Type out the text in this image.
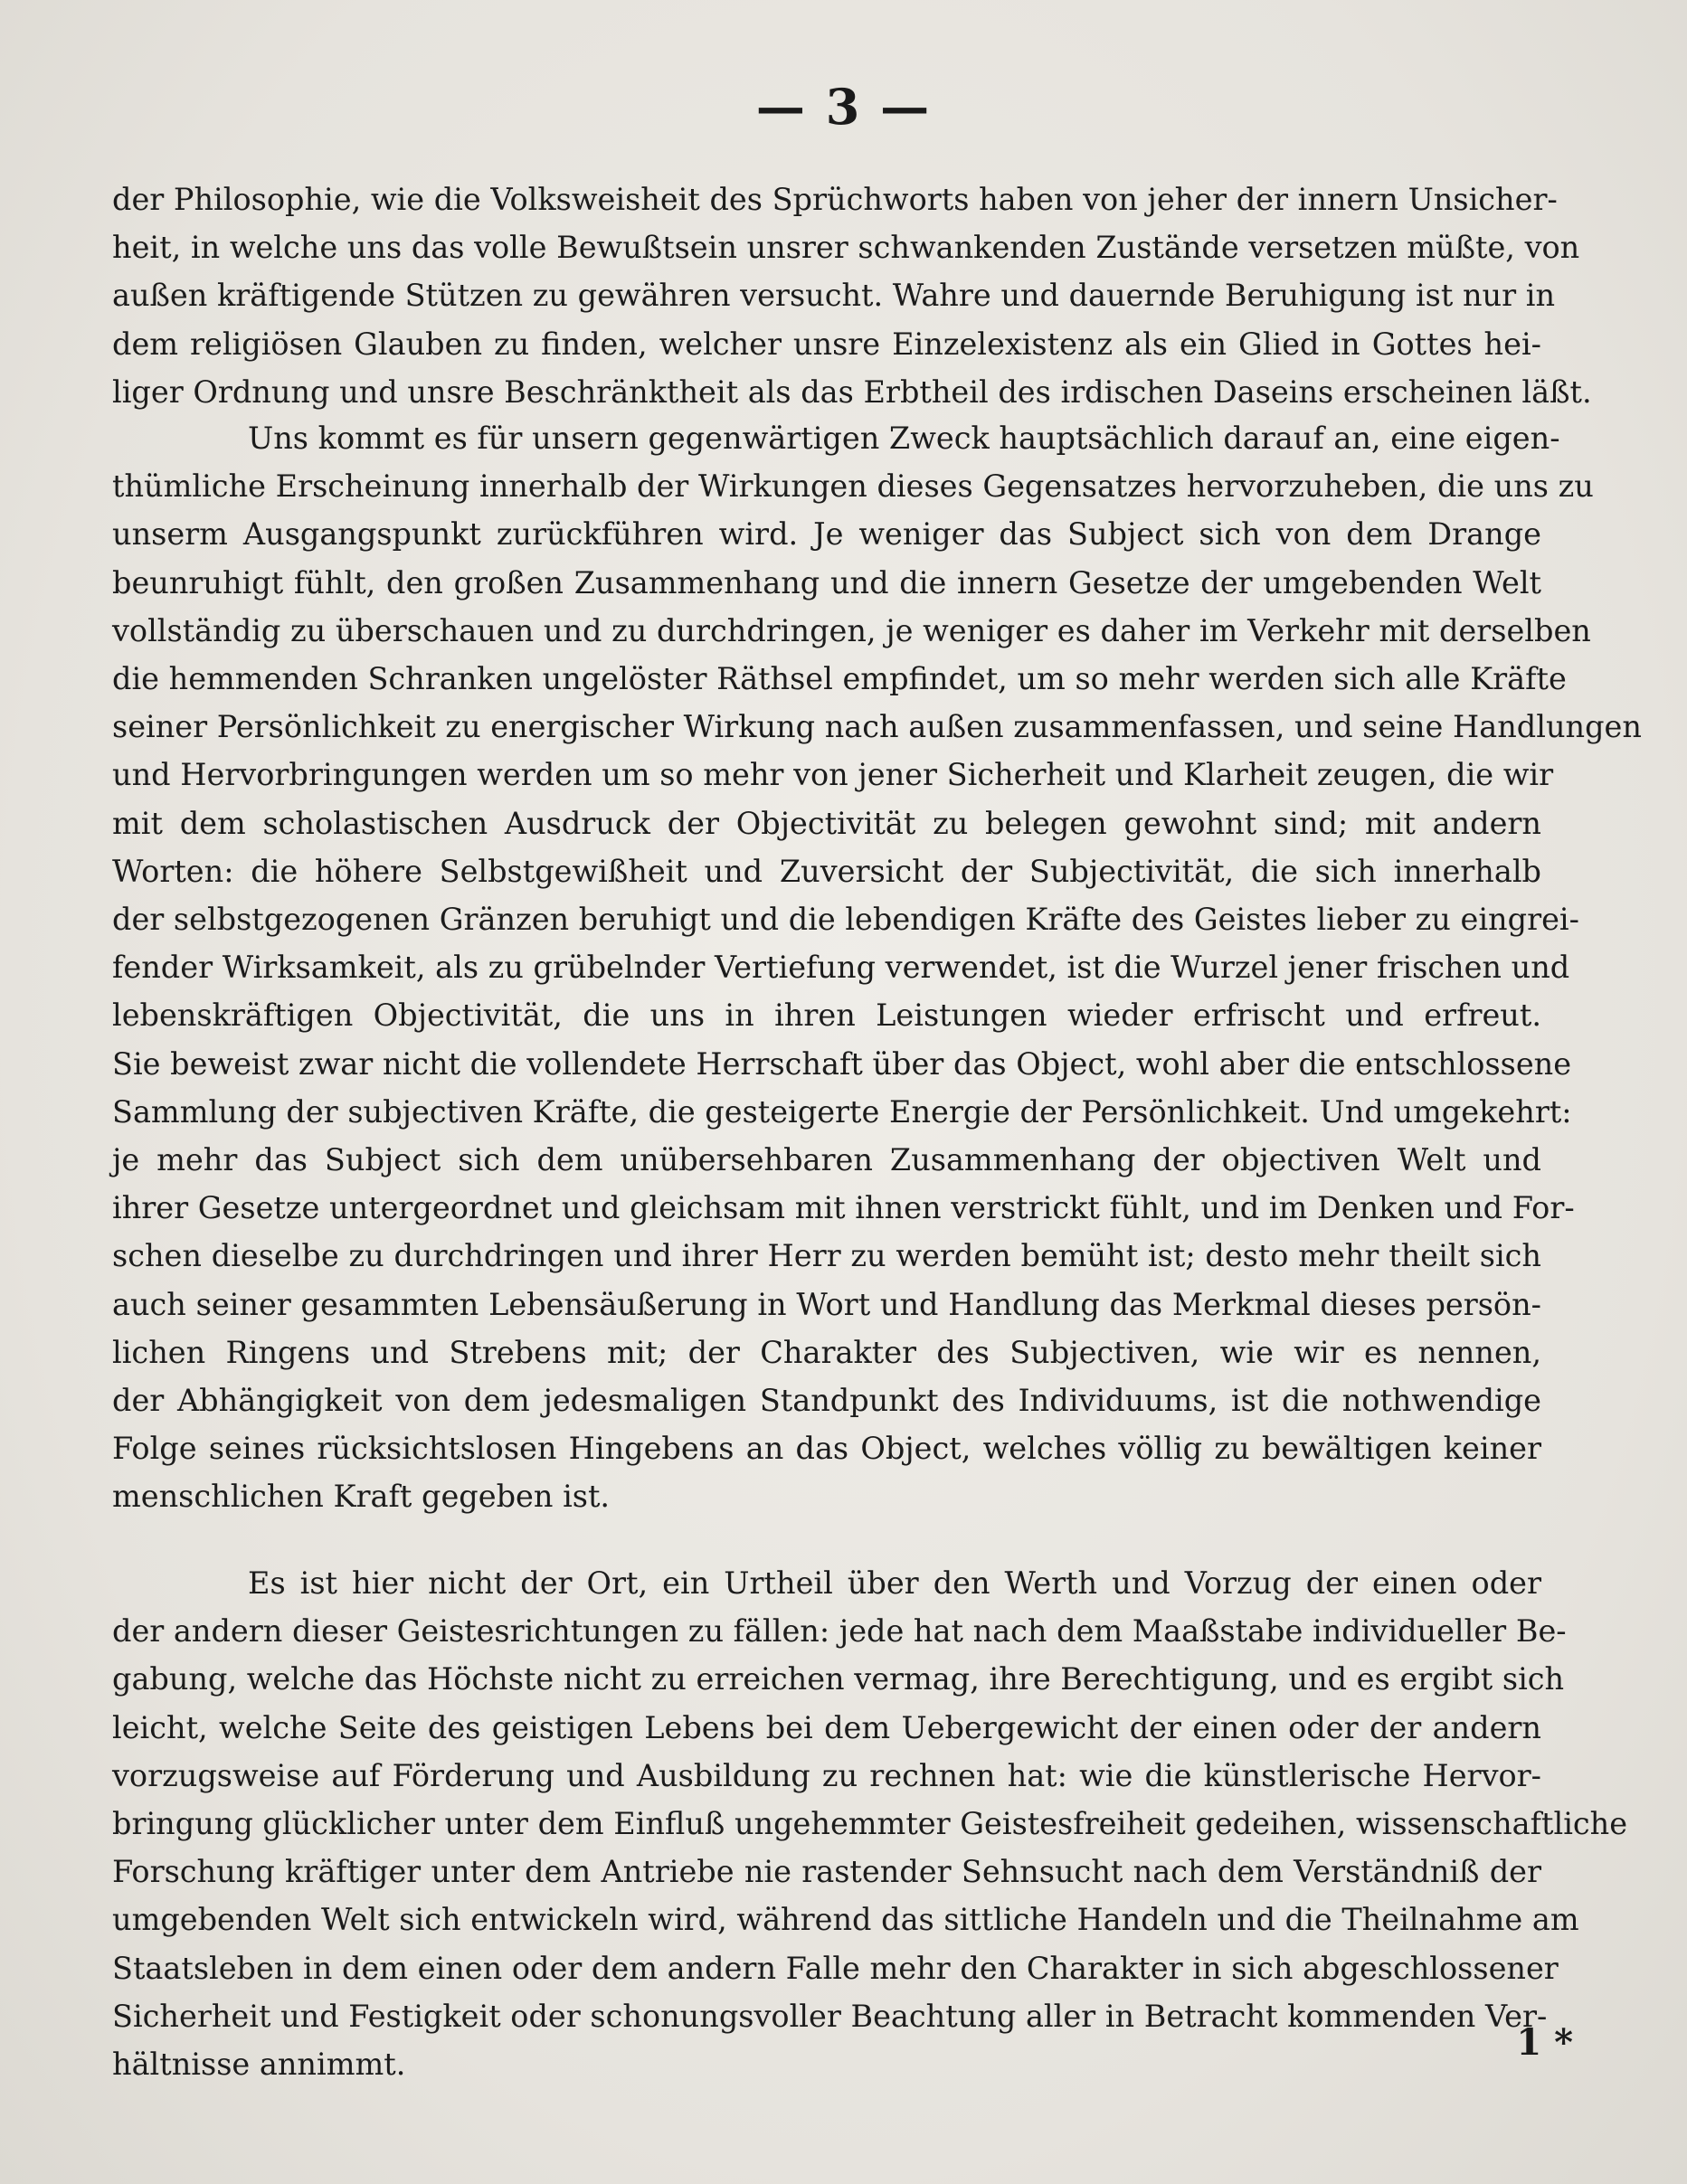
— 3 —
der Philosophie, wie die Volksweisheit des Sprüchworts haben von jeher der innern Unsicher-
heit, in welche uns das volle Bewußtsein unsrer schwankenden Zustände versetzen müßte, von
außen kräftigende Stützen zu gewähren versucht. Wahre und dauernde Beruhigung ist nur in
dem religiösen Glauben zu finden, welcher unsre Einzelexistenz als ein Glied in Gottes hei-
liger Ordnung und unsre Beschränktheit als das Erbtheil des irdischen Daseins erscheinen läßt.
Uns kommt es für unsern gegenwärtigen Zweck hauptsächlich darauf an, eine eigen-
thümliche Erscheinung innerhalb der Wirkungen dieses Gegensatzes hervorzuheben, die uns zu
unserm Ausgangspunkt zurückführen wird. Je weniger das Subject sich von dem Drange
beunruhigt fühlt, den großen Zusammenhang und die innern Gesetze der umgebenden Welt
vollständig zu überschauen und zu durchdringen, je weniger es daher im Verkehr mit derselben
die hemmenden Schranken ungelöster Räthsel empfindet, um so mehr werden sich alle Kräfte
seiner Persönlichkeit zu energischer Wirkung nach außen zusammenfassen, und seine Handlungen
und Hervorbringungen werden um so mehr von jener Sicherheit und Klarheit zeugen, die wir
mit dem scholastischen Ausdruck der Objectivität zu belegen gewohnt sind; mit andern
Worten: die höhere Selbstgewißheit und Zuversicht der Subjectivität, die sich innerhalb
der selbstgezogenen Gränzen beruhigt und die lebendigen Kräfte des Geistes lieber zu eingrei-
fender Wirksamkeit, als zu grübelnder Vertiefung verwendet, ist die Wurzel jener frischen und
lebenskräftigen Objectivität, die uns in ihren Leistungen wieder erfrischt und erfreut.
Sie beweist zwar nicht die vollendete Herrschaft über das Object, wohl aber die entschlossene
Sammlung der subjectiven Kräfte, die gesteigerte Energie der Persönlichkeit. Und umgekehrt:
je mehr das Subject sich dem unübersehbaren Zusammenhang der objectiven Welt und
ihrer Gesetze untergeordnet und gleichsam mit ihnen verstrickt fühlt, und im Denken und For-
schen dieselbe zu durchdringen und ihrer Herr zu werden bemüht ist; desto mehr theilt sich
auch seiner gesammten Lebensäußerung in Wort und Handlung das Merkmal dieses persön-
lichen Ringens und Strebens mit; der Charakter des Subjectiven, wie wir es nennen,
der Abhängigkeit von dem jedesmaligen Standpunkt des Individuums, ist die nothwendige
Folge seines rücksichtslosen Hingebens an das Object, welches völlig zu bewältigen keiner
menschlichen Kraft gegeben ist.
Es ist hier nicht der Ort, ein Urtheil über den Werth und Vorzug der einen oder
der andern dieser Geistesrichtungen zu fällen: jede hat nach dem Maaßstabe individueller Be-
gabung, welche das Höchste nicht zu erreichen vermag, ihre Berechtigung, und es ergibt sich
leicht, welche Seite des geistigen Lebens bei dem Uebergewicht der einen oder der andern
vorzugsweise auf Förderung und Ausbildung zu rechnen hat: wie die künstlerische Hervor-
bringung glücklicher unter dem Einfluß ungehemmter Geistesfreiheit gedeihen, wissenschaftliche
Forschung kräftiger unter dem Antriebe nie rastender Sehnsucht nach dem Verständniß der
umgebenden Welt sich entwickeln wird, während das sittliche Handeln und die Theilnahme am
Staatsleben in dem einen oder dem andern Falle mehr den Charakter in sich abgeschlossener
Sicherheit und Festigkeit oder schonungsvoller Beachtung aller in Betracht kommenden Ver-
hältnisse annimmt.
1 *
